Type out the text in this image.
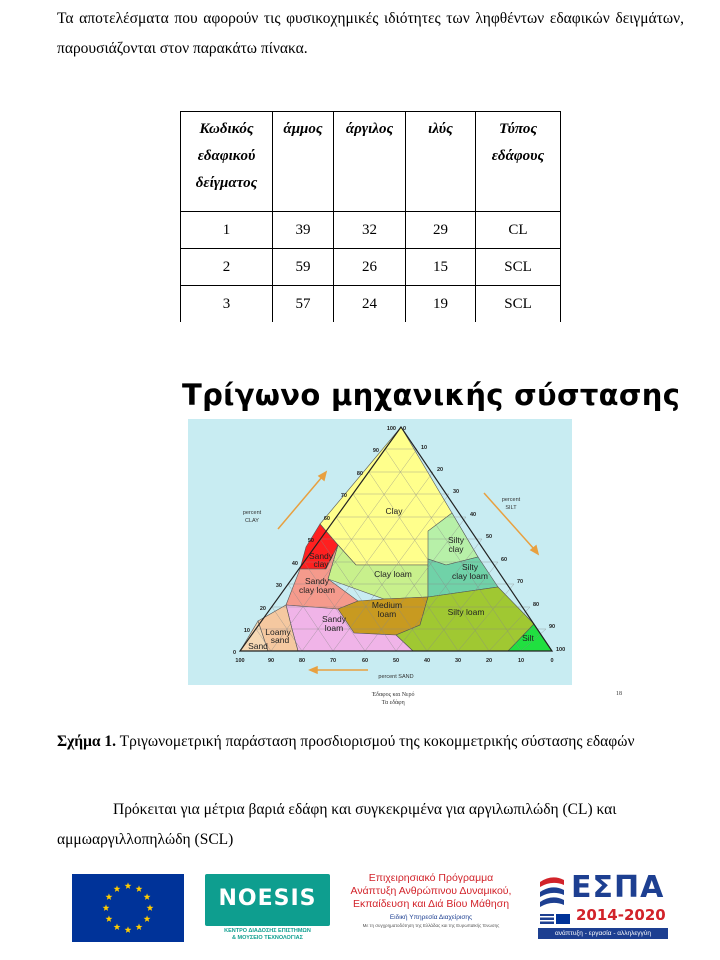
Τα αποτελέσματα που αφορούν τις φυσικοχημικές ιδιότητες των ληφθέντων εδαφικών δειγμάτων, παρουσιάζονται στον παρακάτω πίνακα.
Κωδικός
εδαφικού
δείγματος	άμμος	άργιλος	ιλύς	Τύπος
εδάφους
1	39	32	29	CL
2	59	26	15	SCL
3	57	24	19	SCL
Τρίγωνο μηχανικής σύστασης
Clay
Silty clay
Sandy clay
Clay loam
Silty clay loam
Sandy clay loam
Medium loam	Silty loam
Sandy loam
Loamy sand
Sand
Silt
100
90
80
70
60
50
40
30
20
10
0
0
10
20
30
40
50
60
70
80
90
100
100	90	80	70	60	50	40	30	20	10	0
percent
CLAY
percent
SILT
percent SAND
Έδαφος και Νερό
Τα εδάφη
18
Σχήμα 1. Τριγωνομετρική παράσταση προσδιορισμού της κοκομμετρικής σύστασης εδαφών
Πρόκειται για μέτρια βαριά εδάφη και συγκεκριμένα για αργιλωπιλώδη (CL) και αμμωαργιλλοπηλώδη (SCL)
NOESIS
ΚΕΝΤΡΟ ΔΙΑΔΟΣΗΣ ΕΠΙΣΤΗΜΩΝ
& ΜΟΥΣΕΙΟ ΤΕΧΝΟΛΟΓΙΑΣ
Επιχειρησιακό Πρόγραμμα
Ανάπτυξη Ανθρώπινου Δυναμικού,
Εκπαίδευση και Διά Βίου Μάθηση
Ειδική Υπηρεσία Διαχείρισης
Με τη συγχρηματοδότηση της Ελλάδας και της Ευρωπαϊκής Ένωσης
ΕΣΠΑ
2014-2020
ανάπτυξη - εργασία - αλληλεγγύη
